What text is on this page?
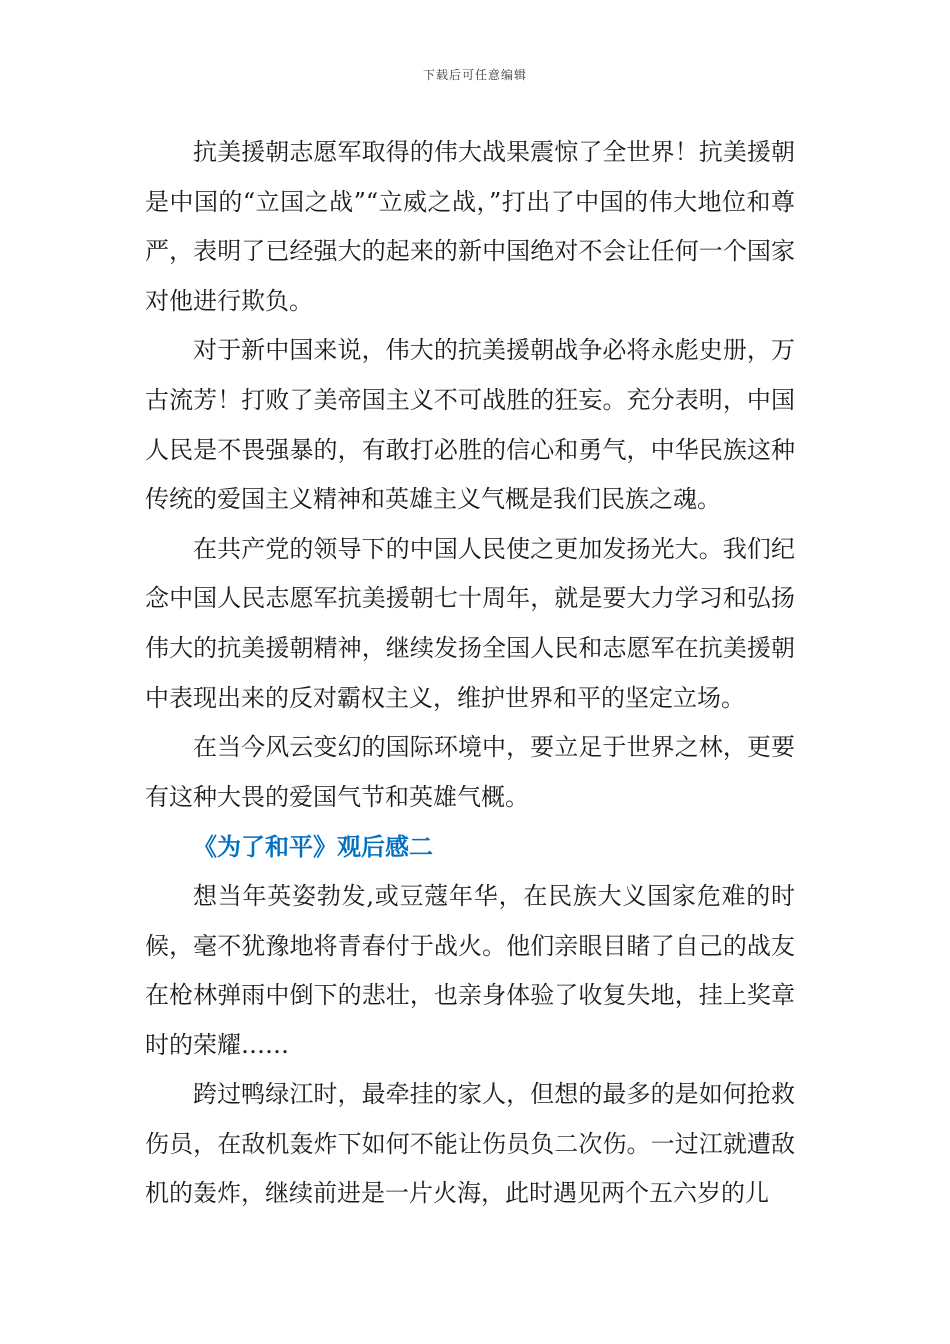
下载后可任意编辑

抗美援朝志愿军取得的伟大战果震惊了全世界！抗美援朝是中国的“立国之战”“立威之战，”打出了中国的伟大地位和尊严，表明了已经强大的起来的新中国绝对不会让任何一个国家对他进行欺负。

对于新中国来说，伟大的抗美援朝战争必将永彪史册，万古流芳！打败了美帝国主义不可战胜的狂妄。充分表明，中国人民是不畏强暴的，有敢打必胜的信心和勇气，中华民族这种传统的爱国主义精神和英雄主义气概是我们民族之魂。

在共产党的领导下的中国人民使之更加发扬光大。我们纪念中国人民志愿军抗美援朝七十周年，就是要大力学习和弘扬伟大的抗美援朝精神，继续发扬全国人民和志愿军在抗美援朝中表现出来的反对霸权主义，维护世界和平的坚定立场。

在当今风云变幻的国际环境中，要立足于世界之林，更要有这种大畏的爱国气节和英雄气概。

《为了和平》观后感二

想当年英姿勃发,或豆蔻年华，在民族大义国家危难的时候，毫不犹豫地将青春付于战火。他们亲眼目睹了自己的战友在枪林弹雨中倒下的悲壮，也亲身体验了收复失地，挂上奖章时的荣耀……

跨过鸭绿江时，最牵挂的家人，但想的最多的是如何抢救伤员，在敌机轰炸下如何不能让伤员负二次伤。一过江就遭敌机的轰炸，继续前进是一片火海，此时遇见两个五六岁的儿
